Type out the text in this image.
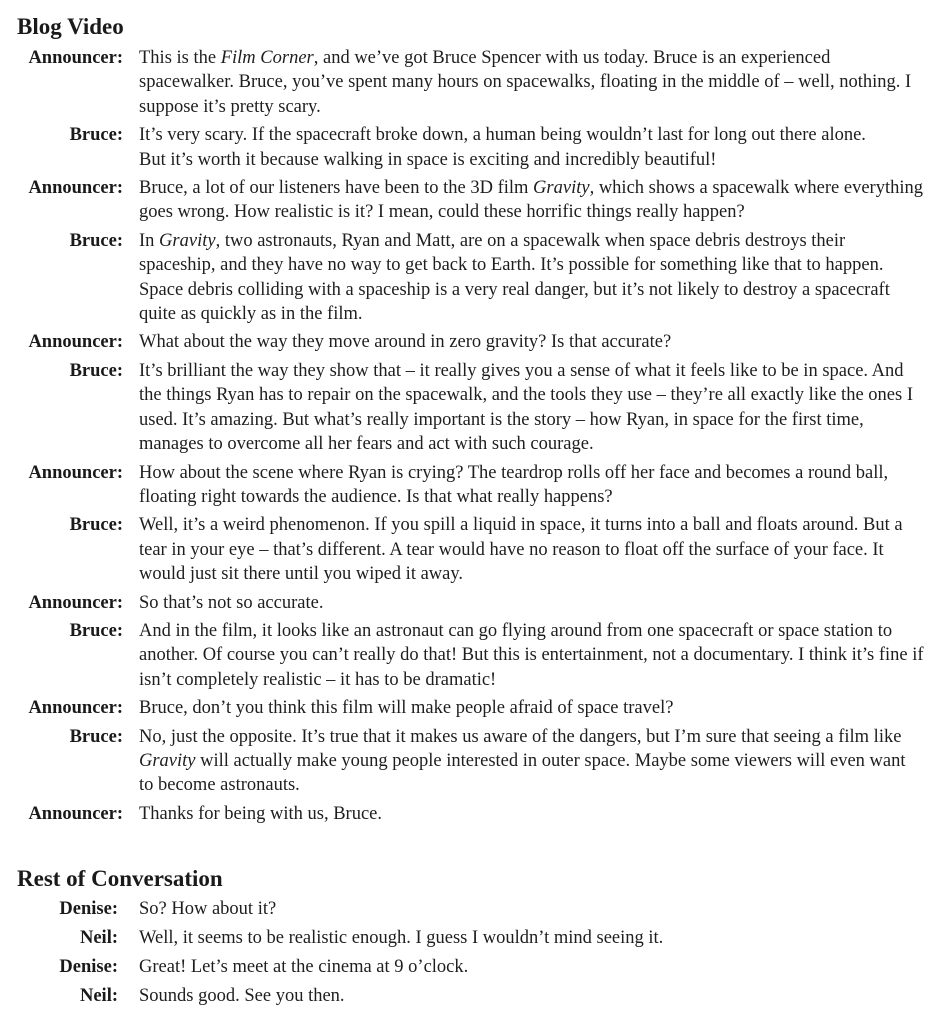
Blog Video
Announcer: This is the Film Corner, and we’ve got Bruce Spencer with us today. Bruce is an experienced spacewalker. Bruce, you’ve spent many hours on spacewalks, floating in the middle of – well, nothing. I suppose it’s pretty scary.
Bruce: It’s very scary. If the spacecraft broke down, a human being wouldn’t last for long out there alone.
But it’s worth it because walking in space is exciting and incredibly beautiful!
Announcer: Bruce, a lot of our listeners have been to the 3D film Gravity, which shows a spacewalk where everything goes wrong. How realistic is it? I mean, could these horrific things really happen?
Bruce: In Gravity, two astronauts, Ryan and Matt, are on a spacewalk when space debris destroys their spaceship, and they have no way to get back to Earth. It’s possible for something like that to happen. Space debris colliding with a spaceship is a very real danger, but it’s not likely to destroy a spacecraft quite as quickly as in the film.
Announcer: What about the way they move around in zero gravity? Is that accurate?
Bruce: It’s brilliant the way they show that – it really gives you a sense of what it feels like to be in space. And the things Ryan has to repair on the spacewalk, and the tools they use – they’re all exactly like the ones I used. It’s amazing. But what’s really important is the story – how Ryan, in space for the first time, manages to overcome all her fears and act with such courage.
Announcer: How about the scene where Ryan is crying? The teardrop rolls off her face and becomes a round ball, floating right towards the audience. Is that what really happens?
Bruce: Well, it’s a weird phenomenon. If you spill a liquid in space, it turns into a ball and floats around. But a tear in your eye – that’s different. A tear would have no reason to float off the surface of your face. It would just sit there until you wiped it away.
Announcer: So that’s not so accurate.
Bruce: And in the film, it looks like an astronaut can go flying around from one spacecraft or space station to another. Of course you can’t really do that! But this is entertainment, not a documentary. I think it’s fine if isn’t completely realistic – it has to be dramatic!
Announcer: Bruce, don’t you think this film will make people afraid of space travel?
Bruce: No, just the opposite. It’s true that it makes us aware of the dangers, but I’m sure that seeing a film like Gravity will actually make young people interested in outer space. Maybe some viewers will even want to become astronauts.
Announcer: Thanks for being with us, Bruce.
Rest of Conversation
Denise: So? How about it?
Neil: Well, it seems to be realistic enough. I guess I wouldn’t mind seeing it.
Denise: Great! Let’s meet at the cinema at 9 o’clock.
Neil: Sounds good. See you then.
